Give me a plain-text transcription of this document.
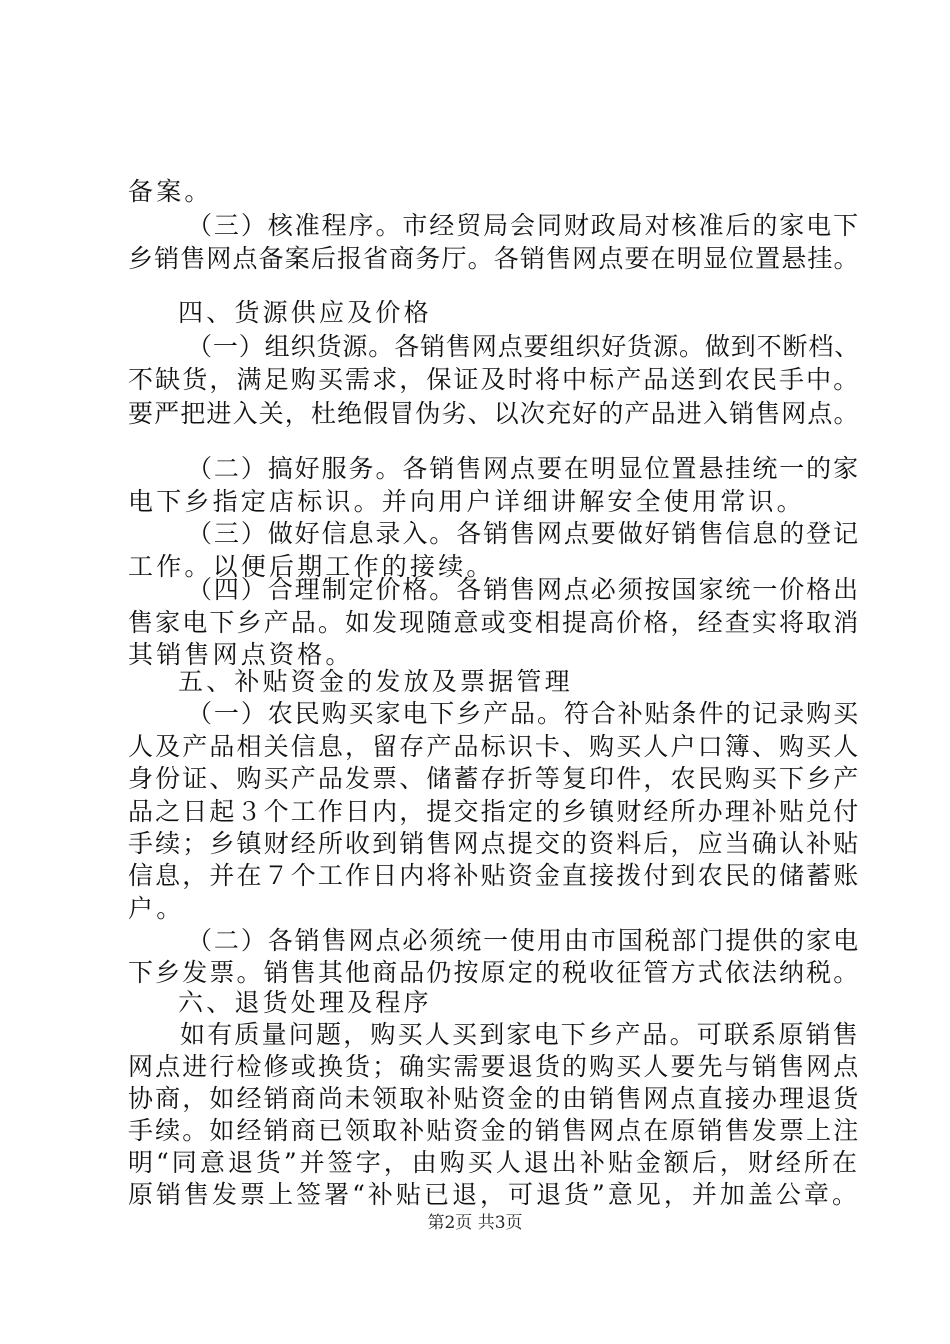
备案。
（三）核准程序。市经贸局会同财政局对核准后的家电下
乡销售网点备案后报省商务厅。各销售网点要在明显位置悬挂。
四、货源供应及价格
（一）组织货源。各销售网点要组织好货源。做到不断档、
不缺货，满足购买需求，保证及时将中标产品送到农民手中。
要严把进入关，杜绝假冒伪劣、以次充好的产品进入销售网点。
（二）搞好服务。各销售网点要在明显位置悬挂统一的家
电下乡指定店标识。并向用户详细讲解安全使用常识。
（三）做好信息录入。各销售网点要做好销售信息的登记
工作。以便后期工作的接续。
（四）合理制定价格。各销售网点必须按国家统一价格出
售家电下乡产品。如发现随意或变相提高价格，经查实将取消
其销售网点资格。
五、补贴资金的发放及票据管理
（一）农民购买家电下乡产品。符合补贴条件的记录购买
人及产品相关信息，留存产品标识卡、购买人户口簿、购买人
身份证、购买产品发票、储蓄存折等复印件，农民购买下乡产
品之日起３个工作日内，提交指定的乡镇财经所办理补贴兑付
手续；乡镇财经所收到销售网点提交的资料后，应当确认补贴
信息，并在７个工作日内将补贴资金直接拨付到农民的储蓄账
户。
（二）各销售网点必须统一使用由市国税部门提供的家电
下乡发票。销售其他商品仍按原定的税收征管方式依法纳税。
六、退货处理及程序
如有质量问题，购买人买到家电下乡产品。可联系原销售
网点进行检修或换货；确实需要退货的购买人要先与销售网点
协商，如经销商尚未领取补贴资金的由销售网点直接办理退货
手续。如经销商已领取补贴资金的销售网点在原销售发票上注
明“同意退货”并签字，由购买人退出补贴金额后，财经所在
原销售发票上签署“补贴已退，可退货”意见，并加盖公章。
第2页 共3页
